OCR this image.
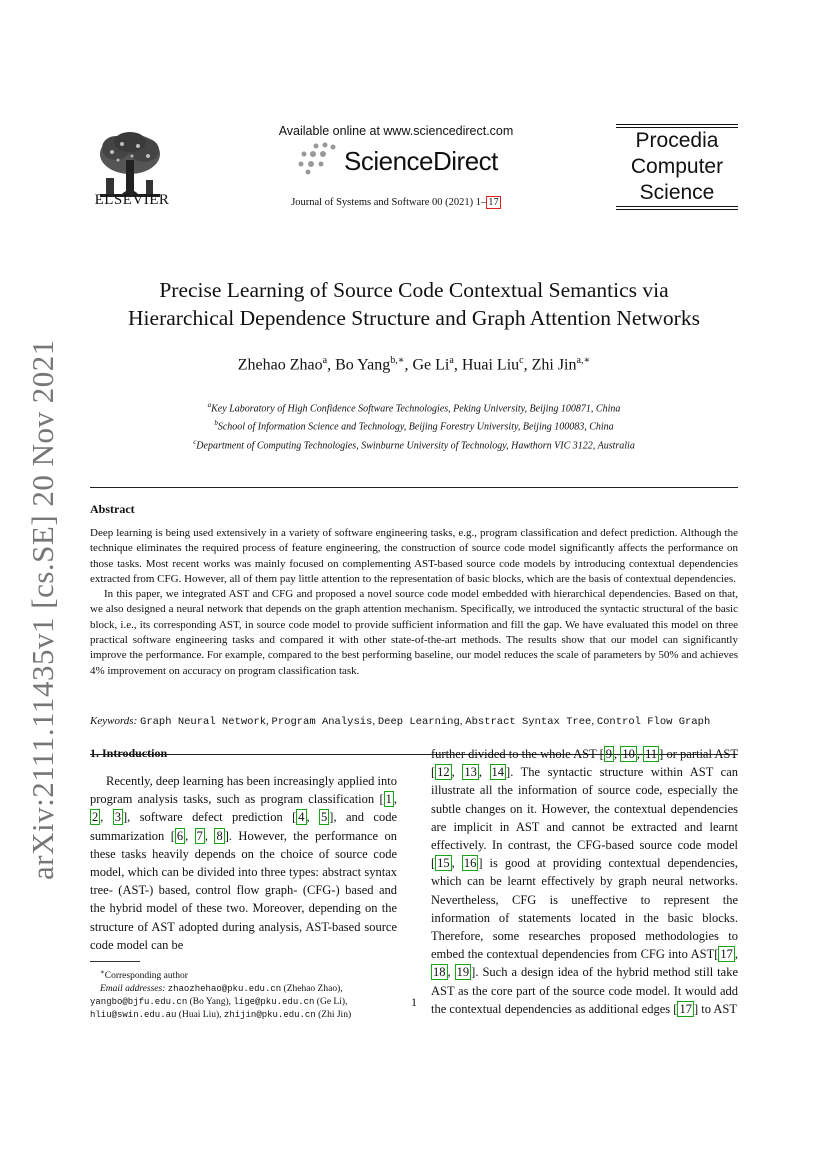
arXiv:2111.11435v1 [cs.SE] 20 Nov 2021
ELSEVIER
Available online at www.sciencedirect.com
ScienceDirect
Journal of Systems and Software 00 (2021) 1– 17
Procedia
Computer
Science
Precise Learning of Source Code Contextual Semantics via
Hierarchical Dependence Structure and Graph Attention Networks
Zhehao Zhao$^a$, Bo Yang$^{b,∗}$, Ge Li$^a$, Huai Liu$^c$, Zhi Jin$^{a,∗}$
$^a$Key Laboratory of High Confidence Software Technologies, Peking University, Beijing 100871, China
$^b$School of Information Science and Technology, Beijing Forestry University, Beijing 100083, China
$^c$Department of Computing Technologies, Swinburne University of Technology, Hawthorn VIC 3122, Australia
Abstract

Deep learning is being used extensively in a variety of software engineering tasks, e.g., program classification and defect prediction. Although the technique eliminates the required process of feature engineering, the construction of source code model significantly affects the performance on those tasks. Most recent works was mainly focused on complementing AST-based source code models by introducing contextual dependencies extracted from CFG. However, all of them pay little attention to the representation of basic blocks, which are the basis of contextual dependencies.

In this paper, we integrated AST and CFG and proposed a novel source code model embedded with hierarchical dependencies. Based on that, we also designed a neural network that depends on the graph attention mechanism. Specifically, we introduced the syntactic structural of the basic block, i.e., its corresponding AST, in source code model to provide sufficient information and fill the gap. We have evaluated this model on three practical software engineering tasks and compared it with other state-of-the-art methods. The results show that our model can significantly improve the performance. For example, compared to the best performing baseline, our model reduces the scale of parameters by 50% and achieves 4% improvement on accuracy on program classification task.

Keywords: Graph Neural Network, Program Analysis, Deep Learning, Abstract Syntax Tree, Control Flow Graph
1. Introduction
Recently, deep learning has been increasingly applied into program analysis tasks, such as program classification [ 1 , 2 , 3 ], software defect prediction [ 4 , 5 ], and code summarization [ 6 , 7 , 8 ]. However, the performance on these tasks heavily depends on the choice of source code model, which can be divided into three types: abstract syntax tree- (AST-) based, control flow graph- (CFG-) based and the hybrid model of these two. Moreover, depending on the structure of AST adopted during analysis, AST-based source code model can be
further divided to the whole AST [ 9 , 10 , 11 ] or partial AST [ 12 , 13 , 14 ]. The syntactic structure within AST can illustrate all the information of source code, especially the subtle changes on it. However, the contextual dependencies are implicit in AST and cannot be extracted and learnt effectively. In contrast, the CFG-based source code model [ 15 , 16 ] is good at providing contextual dependencies, which can be learnt effectively by graph neural networks. Nevertheless, CFG is uneffective to represent the information of statements located in the basic blocks. Therefore, some researches proposed methodologies to embed the contextual dependencies from CFG into AST[ 17 , 18 , 19 ]. Such a design idea of the hybrid method still take AST as the core part of the source code model. It would add the contextual dependencies as additional edges [ 17 ] to AST
∗Corresponding author
Email addresses: zhaozhehao@pku.edu.cn (Zhehao Zhao), yangbo@bjfu.edu.cn (Bo Yang), lige@pku.edu.cn (Ge Li), hliu@swin.edu.au (Huai Liu), zhijin@pku.edu.cn (Zhi Jin)
1
